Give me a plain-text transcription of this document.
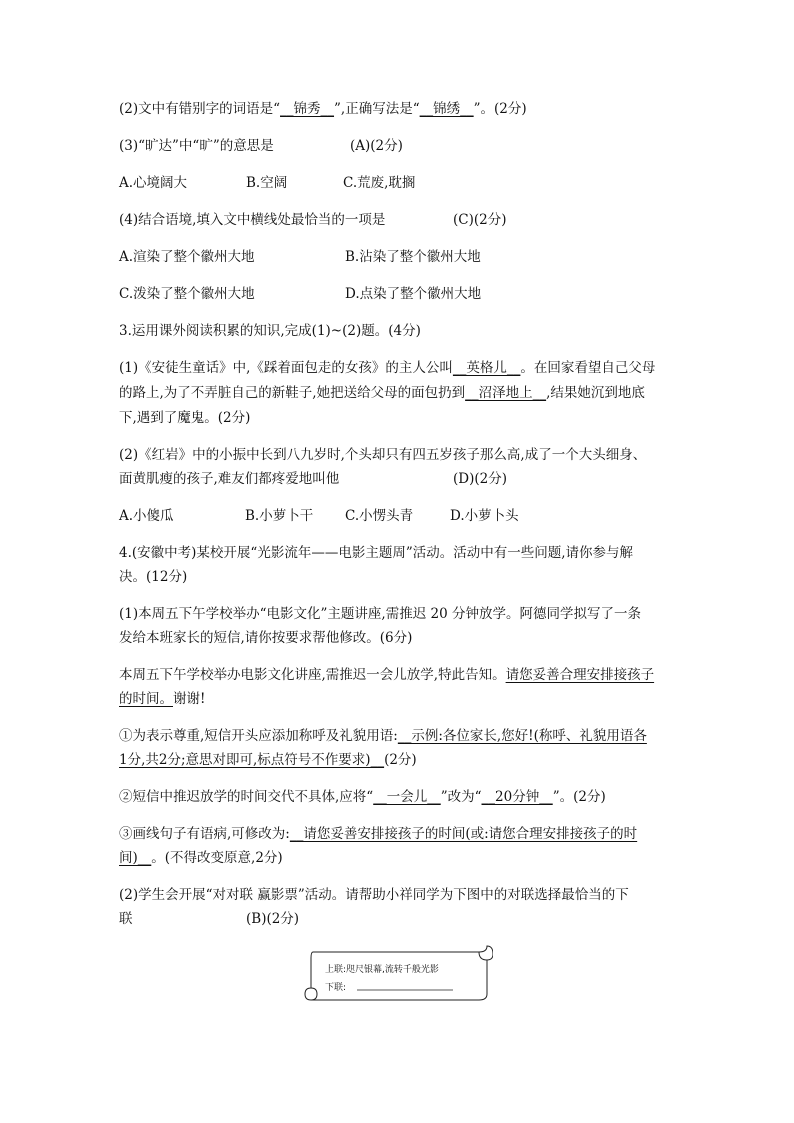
(2)文中有错别字的词语是“__锦秀__”,正确写法是“__锦绣__”。(2分)
(3)“旷达”中“旷”的意思是	(A)(2分)
A.心境阔大	B.空阔	C.荒废,耽搁
(4)结合语境,填入文中横线处最恰当的一项是	(C)(2分)
A.渲染了整个徽州大地	B.沾染了整个徽州大地
C.泼染了整个徽州大地	D.点染了整个徽州大地
3.运用课外阅读积累的知识,完成(1)~(2)题。(4分)
(1)《安徒生童话》中,《踩着面包走的女孩》的主人公叫__英格儿__。在回家看望自己父母
的路上,为了不弄脏自己的新鞋子,她把送给父母的面包扔到__沼泽地上__,结果她沉到地底
下,遇到了魔鬼。(2分)
(2)《红岩》中的小振中长到八九岁时,个头却只有四五岁孩子那么高,成了一个大头细身、
面黄肌瘦的孩子,难友们都疼爱地叫他	(D)(2分)
A.小傻瓜	B.小萝卜干 C.小愣头青	D.小萝卜头
4.(安徽中考)某校开展“光影流年——电影主题周”活动。活动中有一些问题,请你参与解
决。(12分)
(1)本周五下午学校举办“电影文化”主题讲座,需推迟 20 分钟放学。阿德同学拟写了一条
发给本班家长的短信,请你按要求帮他修改。(6分)
本周五下午学校举办电影文化讲座,需推迟一会儿放学,特此告知。请您妥善合理安排接孩子
的时间。谢谢!
①为表示尊重,短信开头应添加称呼及礼貌用语:__示例:各位家长,您好!(称呼、礼貌用语各
1分,共2分;意思对即可,标点符号不作要求)__(2分)
②短信中推迟放学的时间交代不具体,应将“__一会儿__”改为“__20分钟__”。(2分)
③画线句子有语病,可修改为:__请您妥善安排接孩子的时间(或:请您合理安排接孩子的时
间)__。(不得改变原意,2分)
(2)学生会开展“对对联 赢影票”活动。请帮助小祥同学为下图中的对联选择最恰当的下
联	(B)(2分)
上联:咫尺银幕,流转千般光影
下联:
